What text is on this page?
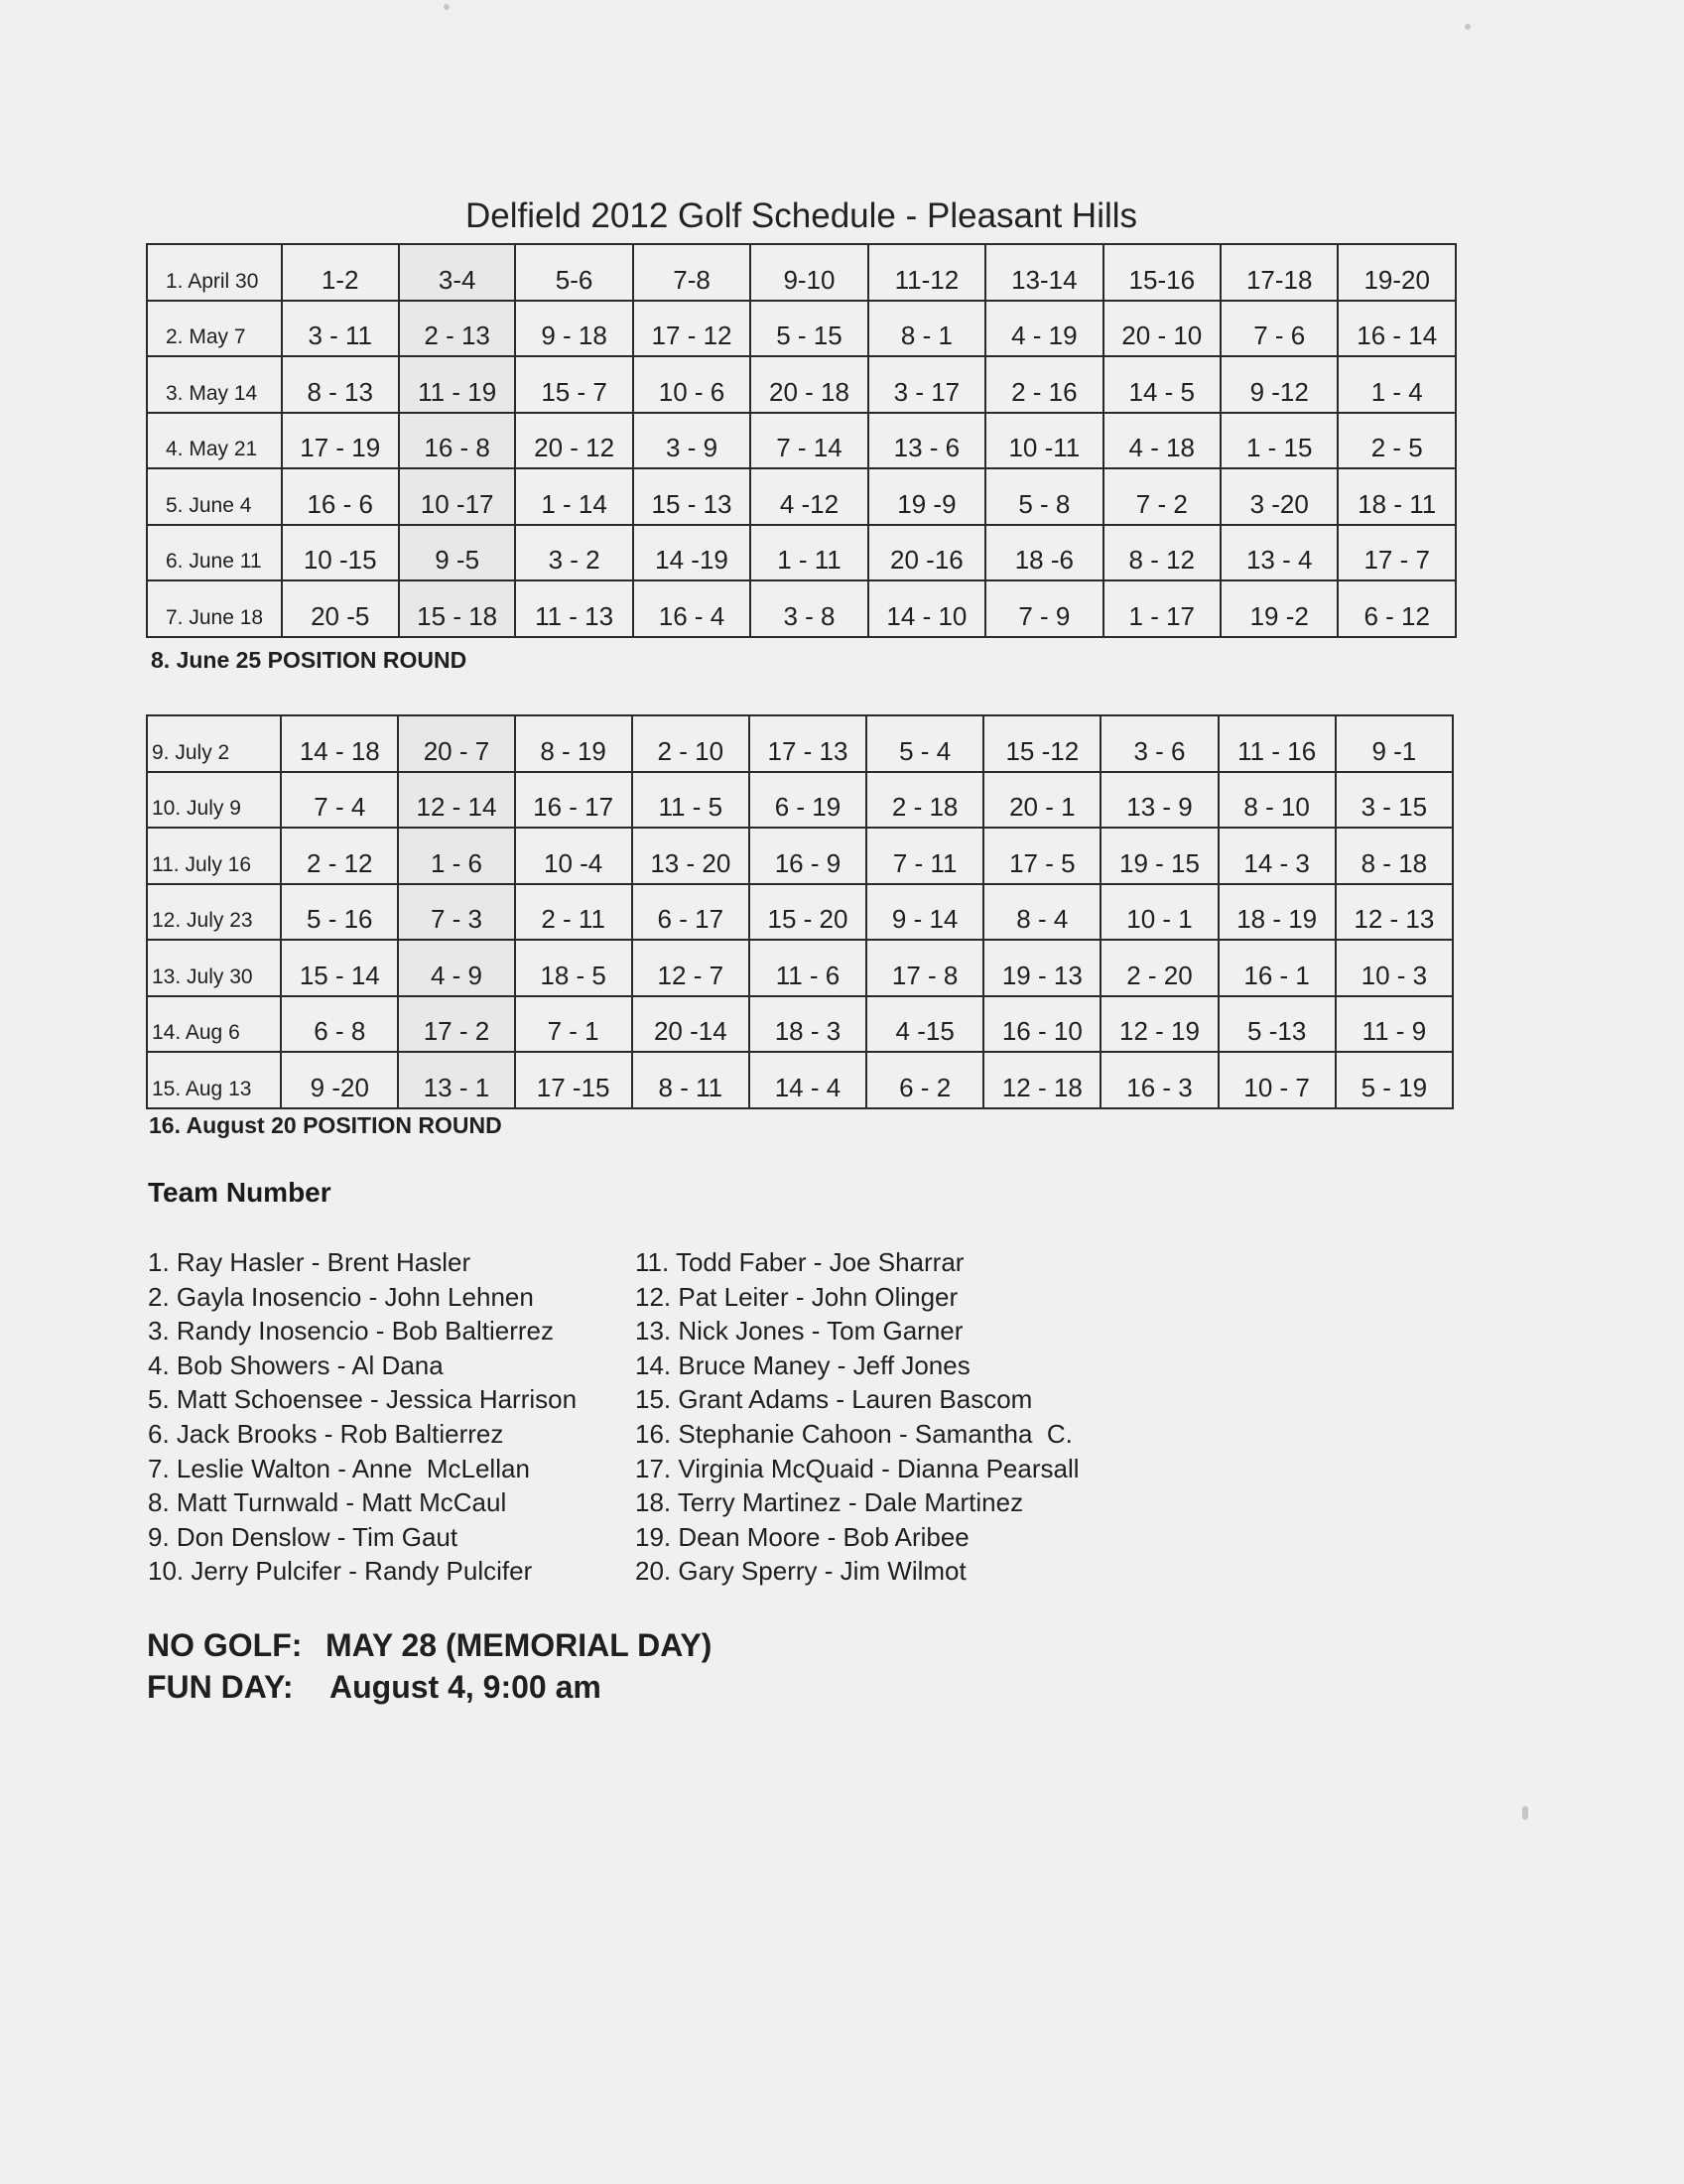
Delfield 2012 Golf Schedule - Pleasant Hills
1. April 30	1-2	3-4	5-6	7-8	9-10	11-12	13-14	15-16	17-18	19-20
2. May 7	3 - 11	2 - 13	9 - 18	17 - 12	5 - 15	8 - 1	4 - 19	20 - 10	7 - 6	16 - 14
3. May 14	8 - 13	11 - 19	15 - 7	10 - 6	20 - 18	3 - 17	2 - 16	14 - 5	9 -12	1 - 4
4. May 21	17 - 19	16 - 8	20 - 12	3 - 9	7 - 14	13 - 6	10 -11	4 - 18	1 - 15	2 - 5
5. June 4	16 - 6	10 -17	1 - 14	15 - 13	4 -12	19 -9	5 - 8	7 - 2	3 -20	18 - 11
6. June 11	10 -15	9 -5	3 - 2	14 -19	1 - 11	20 -16	18 -6	8 - 12	13 - 4	17 - 7
7. June 18	20 -5	15 - 18	11 - 13	16 - 4	3 - 8	14 - 10	7 - 9	1 - 17	19 -2	6 - 12
8. June 25 POSITION ROUND
9. July 2	14 - 18	20 - 7	8 - 19	2 - 10	17 - 13	5 - 4	15 -12	3 - 6	11 - 16	9 -1
10. July 9	7 - 4	12 - 14	16 - 17	11 - 5	6 - 19	2 - 18	20 - 1	13 - 9	8 - 10	3 - 15
11. July 16	2 - 12	1 - 6	10 -4	13 - 20	16 - 9	7 - 11	17 - 5	19 - 15	14 - 3	8 - 18
12. July 23	5 - 16	7 - 3	2 - 11	6 - 17	15 - 20	9 - 14	8 - 4	10 - 1	18 - 19	12 - 13
13. July 30	15 - 14	4 - 9	18 - 5	12 - 7	11 - 6	17 - 8	19 - 13	2 - 20	16 - 1	10 - 3
14. Aug 6	6 - 8	17 - 2	7 - 1	20 -14	18 - 3	4 -15	16 - 10	12 - 19	5 -13	11 - 9
15. Aug 13	9 -20	13 - 1	17 -15	8 - 11	14 - 4	6 - 2	12 - 18	16 - 3	10 - 7	5 - 19
16. August 20 POSITION ROUND
Team Number
1. Ray Hasler - Brent Hasler
2. Gayla Inosencio - John Lehnen
3. Randy Inosencio - Bob Baltierrez
4. Bob Showers - Al Dana
5. Matt Schoensee - Jessica Harrison
6. Jack Brooks - Rob Baltierrez
7. Leslie Walton - Anne  McLellan
8. Matt Turnwald - Matt McCaul
9. Don Denslow - Tim Gaut
10. Jerry Pulcifer - Randy Pulcifer
11. Todd Faber - Joe Sharrar
12. Pat Leiter - John Olinger
13. Nick Jones - Tom Garner
14. Bruce Maney - Jeff Jones
15. Grant Adams - Lauren Bascom
16. Stephanie Cahoon - Samantha  C.
17. Virginia McQuaid - Dianna Pearsall
18. Terry Martinez - Dale Martinez
19. Dean Moore - Bob Aribee
20. Gary Sperry - Jim Wilmot
NO GOLF: MAY 28 (MEMORIAL DAY)
FUN DAY: August 4, 9:00 am
